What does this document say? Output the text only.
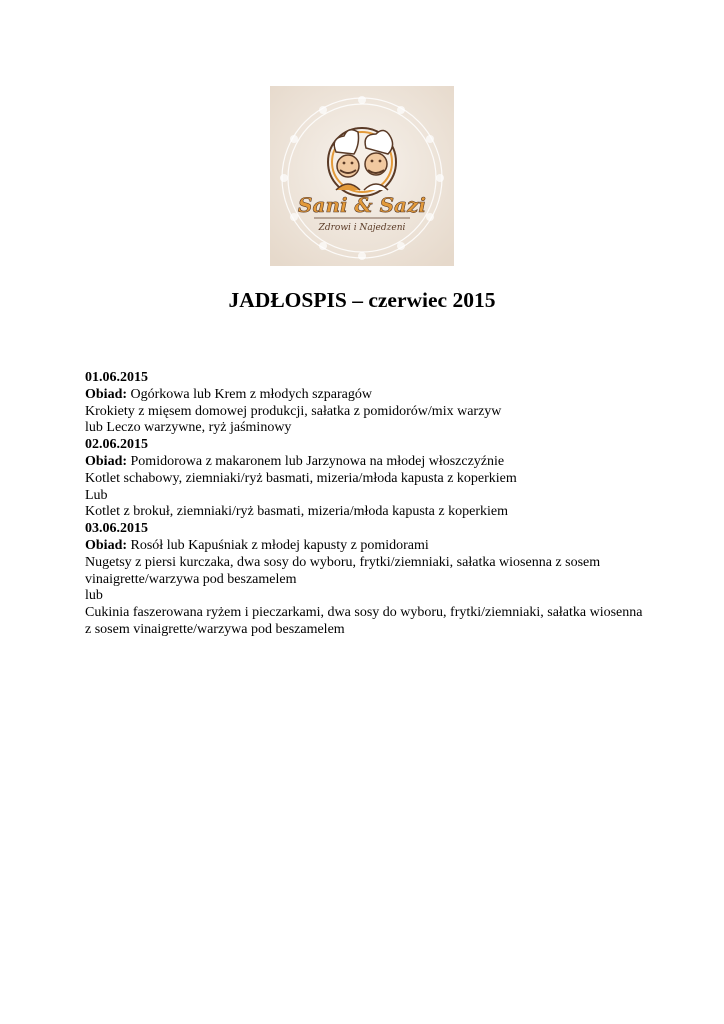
Sani & Sazi
Zdrowi i Najedzeni
JADŁOSPIS – czerwiec 2015

01.06.2015

Obiad: Ogórkowa lub Krem z młodych szparagów

Krokiety z mięsem domowej produkcji, sałatka z pomidorów/mix warzyw

lub Leczo warzywne, ryż jaśminowy

02.06.2015

Obiad: Pomidorowa z makaronem lub Jarzynowa na młodej włoszczyźnie

Kotlet schabowy, ziemniaki/ryż basmati, mizeria/młoda kapusta z koperkiem

Lub

Kotlet z brokuł, ziemniaki/ryż basmati, mizeria/młoda kapusta z koperkiem

03.06.2015

Obiad: Rosół lub Kapuśniak z młodej kapusty z pomidorami

Nugetsy z piersi kurczaka, dwa sosy do wyboru, frytki/ziemniaki, sałatka wiosenna z sosem vinaigrette/warzywa pod beszamelem

lub

Cukinia faszerowana ryżem i pieczarkami, dwa sosy do wyboru, frytki/ziemniaki, sałatka wiosenna z sosem vinaigrette/warzywa pod beszamelem
